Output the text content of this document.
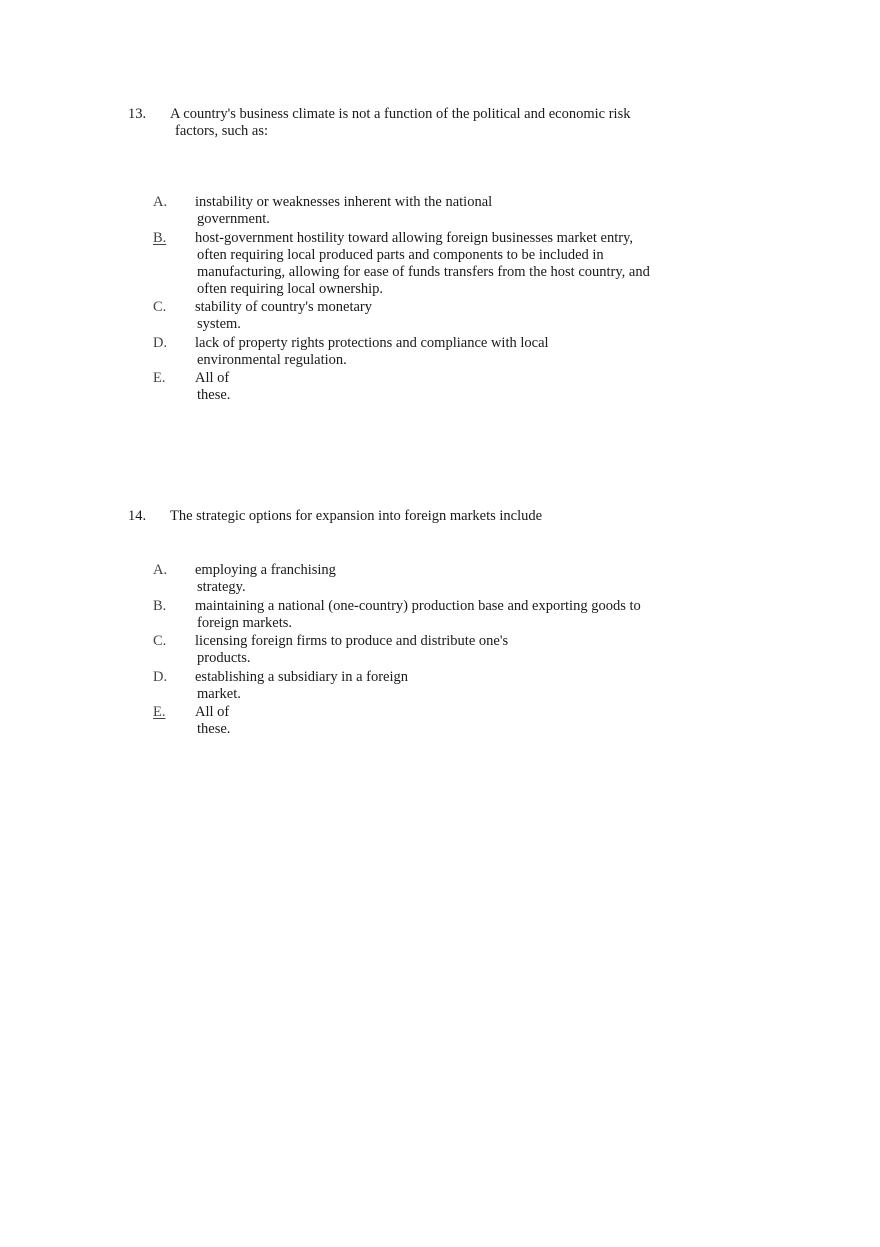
13.	A country's business climate is not a function of the political and economic risk
factors, such as:
A. instability or weaknesses inherent with the national
government.
B. host-government hostility toward allowing foreign businesses market entry,
often requiring local produced parts and components to be included in
manufacturing, allowing for ease of funds transfers from the host country, and
often requiring local ownership.
C. stability of country's monetary
system.
D. lack of property rights protections and compliance with local
environmental regulation.
E. All of
these.
14.	The strategic options for expansion into foreign markets include
A. employing a franchising
strategy.
B. maintaining a national (one-country) production base and exporting goods to
foreign markets.
C. licensing foreign firms to produce and distribute one's
products.
D. establishing a subsidiary in a foreign
market.
E. All of
these.
